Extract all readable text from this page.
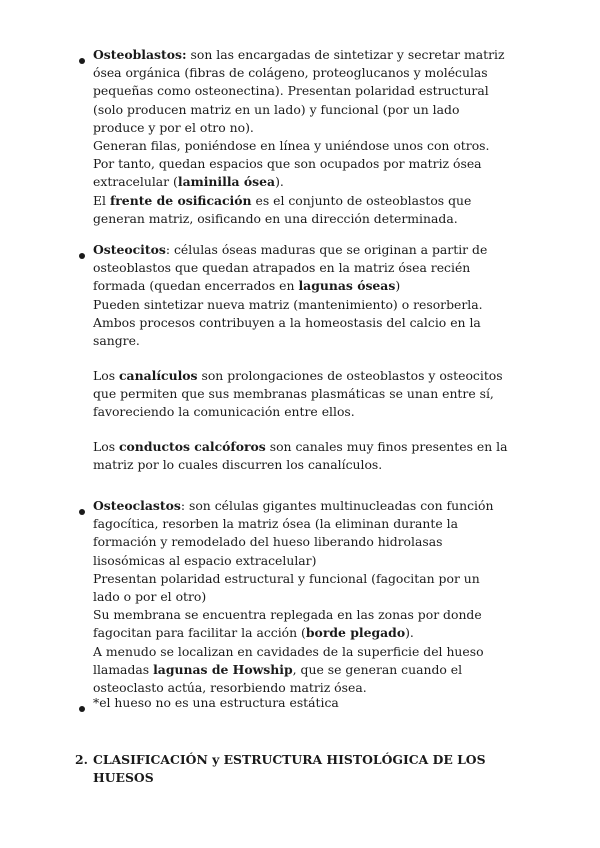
Osteoblastos: son las encargadas de sintetizar y secretar matriz
ósea orgánica (fibras de colágeno, proteoglucanos y moléculas
pequeñas como osteonectina). Presentan polaridad estructural
(solo producen matriz en un lado) y funcional (por un lado
produce y por el otro no).
Generan filas, poniéndose en línea y uniéndose unos con otros.
Por tanto, quedan espacios que son ocupados por matriz ósea
extracelular (laminilla ósea).
El frente de osificación es el conjunto de osteoblastos que
generan matriz, osificando en una dirección determinada.
Osteocitos: células óseas maduras que se originan a partir de
osteoblastos que quedan atrapados en la matriz ósea recién
formada (quedan encerrados en lagunas óseas)
Pueden sintetizar nueva matriz (mantenimiento) o resorberla.
Ambos procesos contribuyen a la homeostasis del calcio en la
sangre.
Los canalículos son prolongaciones de osteoblastos y osteocitos
que permiten que sus membranas plasmáticas se unan entre sí,
favoreciendo la comunicación entre ellos.
Los conductos calcóforos son canales muy finos presentes en la
matriz por lo cuales discurren los canalículos.
Osteoclastos: son células gigantes multinucleadas con función
fagocítica, resorben la matriz ósea (la eliminan durante la
formación y remodelado del hueso liberando hidrolasas
lisosómicas al espacio extracelular)
Presentan polaridad estructural y funcional (fagocitan por un
lado o por el otro)
Su membrana se encuentra replegada en las zonas por donde
fagocitan para facilitar la acción (borde plegado).
A menudo se localizan en cavidades de la superficie del hueso
llamadas lagunas de Howship, que se generan cuando el
osteoclasto actúa, resorbiendo matriz ósea.
*el hueso no es una estructura estática
2. CLASIFICACIÓN y ESTRUCTURA HISTOLÓGICA DE LOS
HUESOS
